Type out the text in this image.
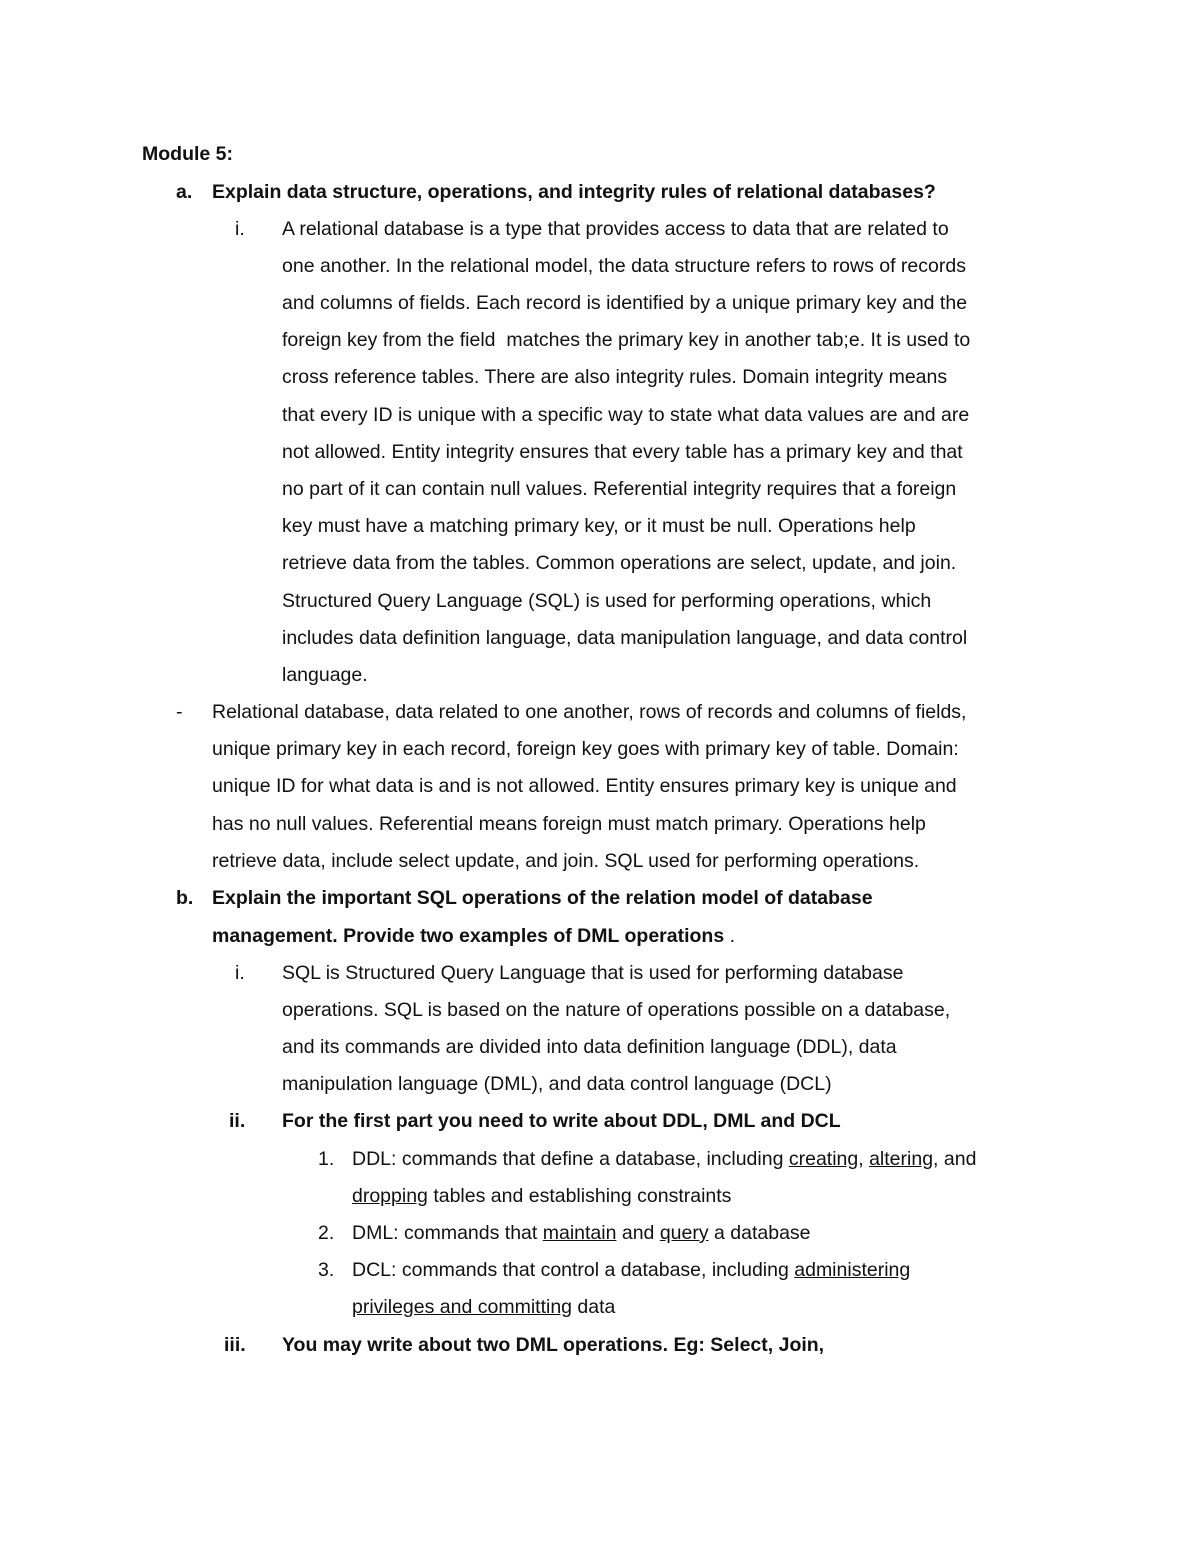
Module 5:
a. Explain data structure, operations, and integrity rules of relational databases?
i. A relational database is a type that provides access to data that are related to
one another. In the relational model, the data structure refers to rows of records
and columns of fields. Each record is identified by a unique primary key and the
foreign key from the field  matches the primary key in another tab;e. It is used to
cross reference tables. There are also integrity rules. Domain integrity means
that every ID is unique with a specific way to state what data values are and are
not allowed. Entity integrity ensures that every table has a primary key and that
no part of it can contain null values. Referential integrity requires that a foreign
key must have a matching primary key, or it must be null. Operations help
retrieve data from the tables. Common operations are select, update, and join.
Structured Query Language (SQL) is used for performing operations, which
includes data definition language, data manipulation language, and data control
language.
- Relational database, data related to one another, rows of records and columns of fields,
unique primary key in each record, foreign key goes with primary key of table. Domain:
unique ID for what data is and is not allowed. Entity ensures primary key is unique and
has no null values. Referential means foreign must match primary. Operations help
retrieve data, include select update, and join. SQL used for performing operations.
b. Explain the important SQL operations of the relation model of database
management. Provide two examples of DML operations .
i. SQL is Structured Query Language that is used for performing database
operations. SQL is based on the nature of operations possible on a database,
and its commands are divided into data definition language (DDL), data
manipulation language (DML), and data control language (DCL)
ii. For the first part you need to write about DDL, DML and DCL
1. DDL: commands that define a database, including creating, altering, and
dropping tables and establishing constraints
2. DML: commands that maintain and query a database
3. DCL: commands that control a database, including administering
privileges and committing data
iii. You may write about two DML operations. Eg: Select, Join,
